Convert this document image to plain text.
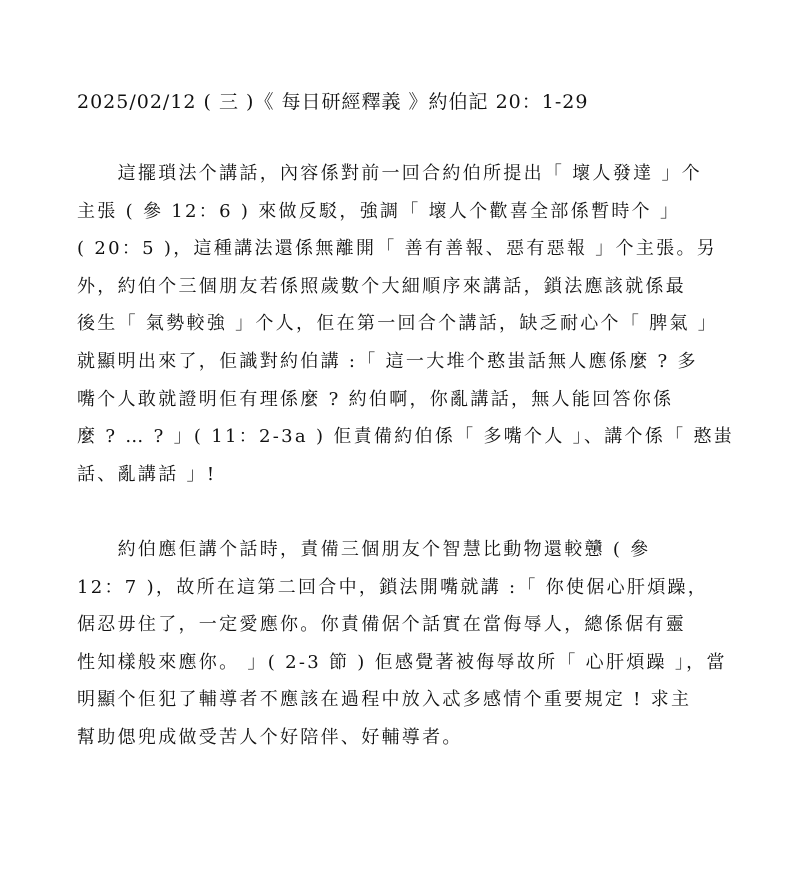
2025/02/12 ( 三 )《 每日研經釋義 》約伯記 20：1-29
　　這擺瑣法个講話，內容係對前一回合約伯所提出「 壞人發達 」个
主張 ( 參 12：6 ) 來做反駁，強調「 壞人个歡喜全部係暫時个 」
( 20：5 )，這種講法還係無離開「 善有善報、惡有惡報 」个主張。另
外，約伯个三個朋友若係照歲數个大細順序來講話，鎖法應該就係最
後生「 氣勢較強 」个人，佢在第一回合个講話，缺乏耐心个「 脾氣 」
就顯明出來了，佢識對約伯講 :「 這一大堆个憨蚩話無人應係麼 ? 多
嘴个人敢就證明佢有理係麼 ? 約伯啊，你亂講話，無人能回答你係
麼 ? … ? 」( 11：2-3a ) 佢責備約伯係「 多嘴个人 」、講个係「 憨蚩
話、亂講話 」!
　　約伯應佢講个話時，責備三個朋友个智慧比動物還較戇 ( 參
12：7 )，故所在這第二回合中，鎖法開嘴就講 :「 你使倨心肝煩躁，
倨忍毋住了，一定愛應你。你責備倨个話實在當侮辱人，總係倨有靈
性知樣般來應你。 」( 2-3 節 ) 佢感覺著被侮辱故所「 心肝煩躁 」，當
明顯个佢犯了輔導者不應該在過程中放入忒多感情个重要規定 ! 求主
幫助偲兜成做受苦人个好陪伴、好輔導者。
